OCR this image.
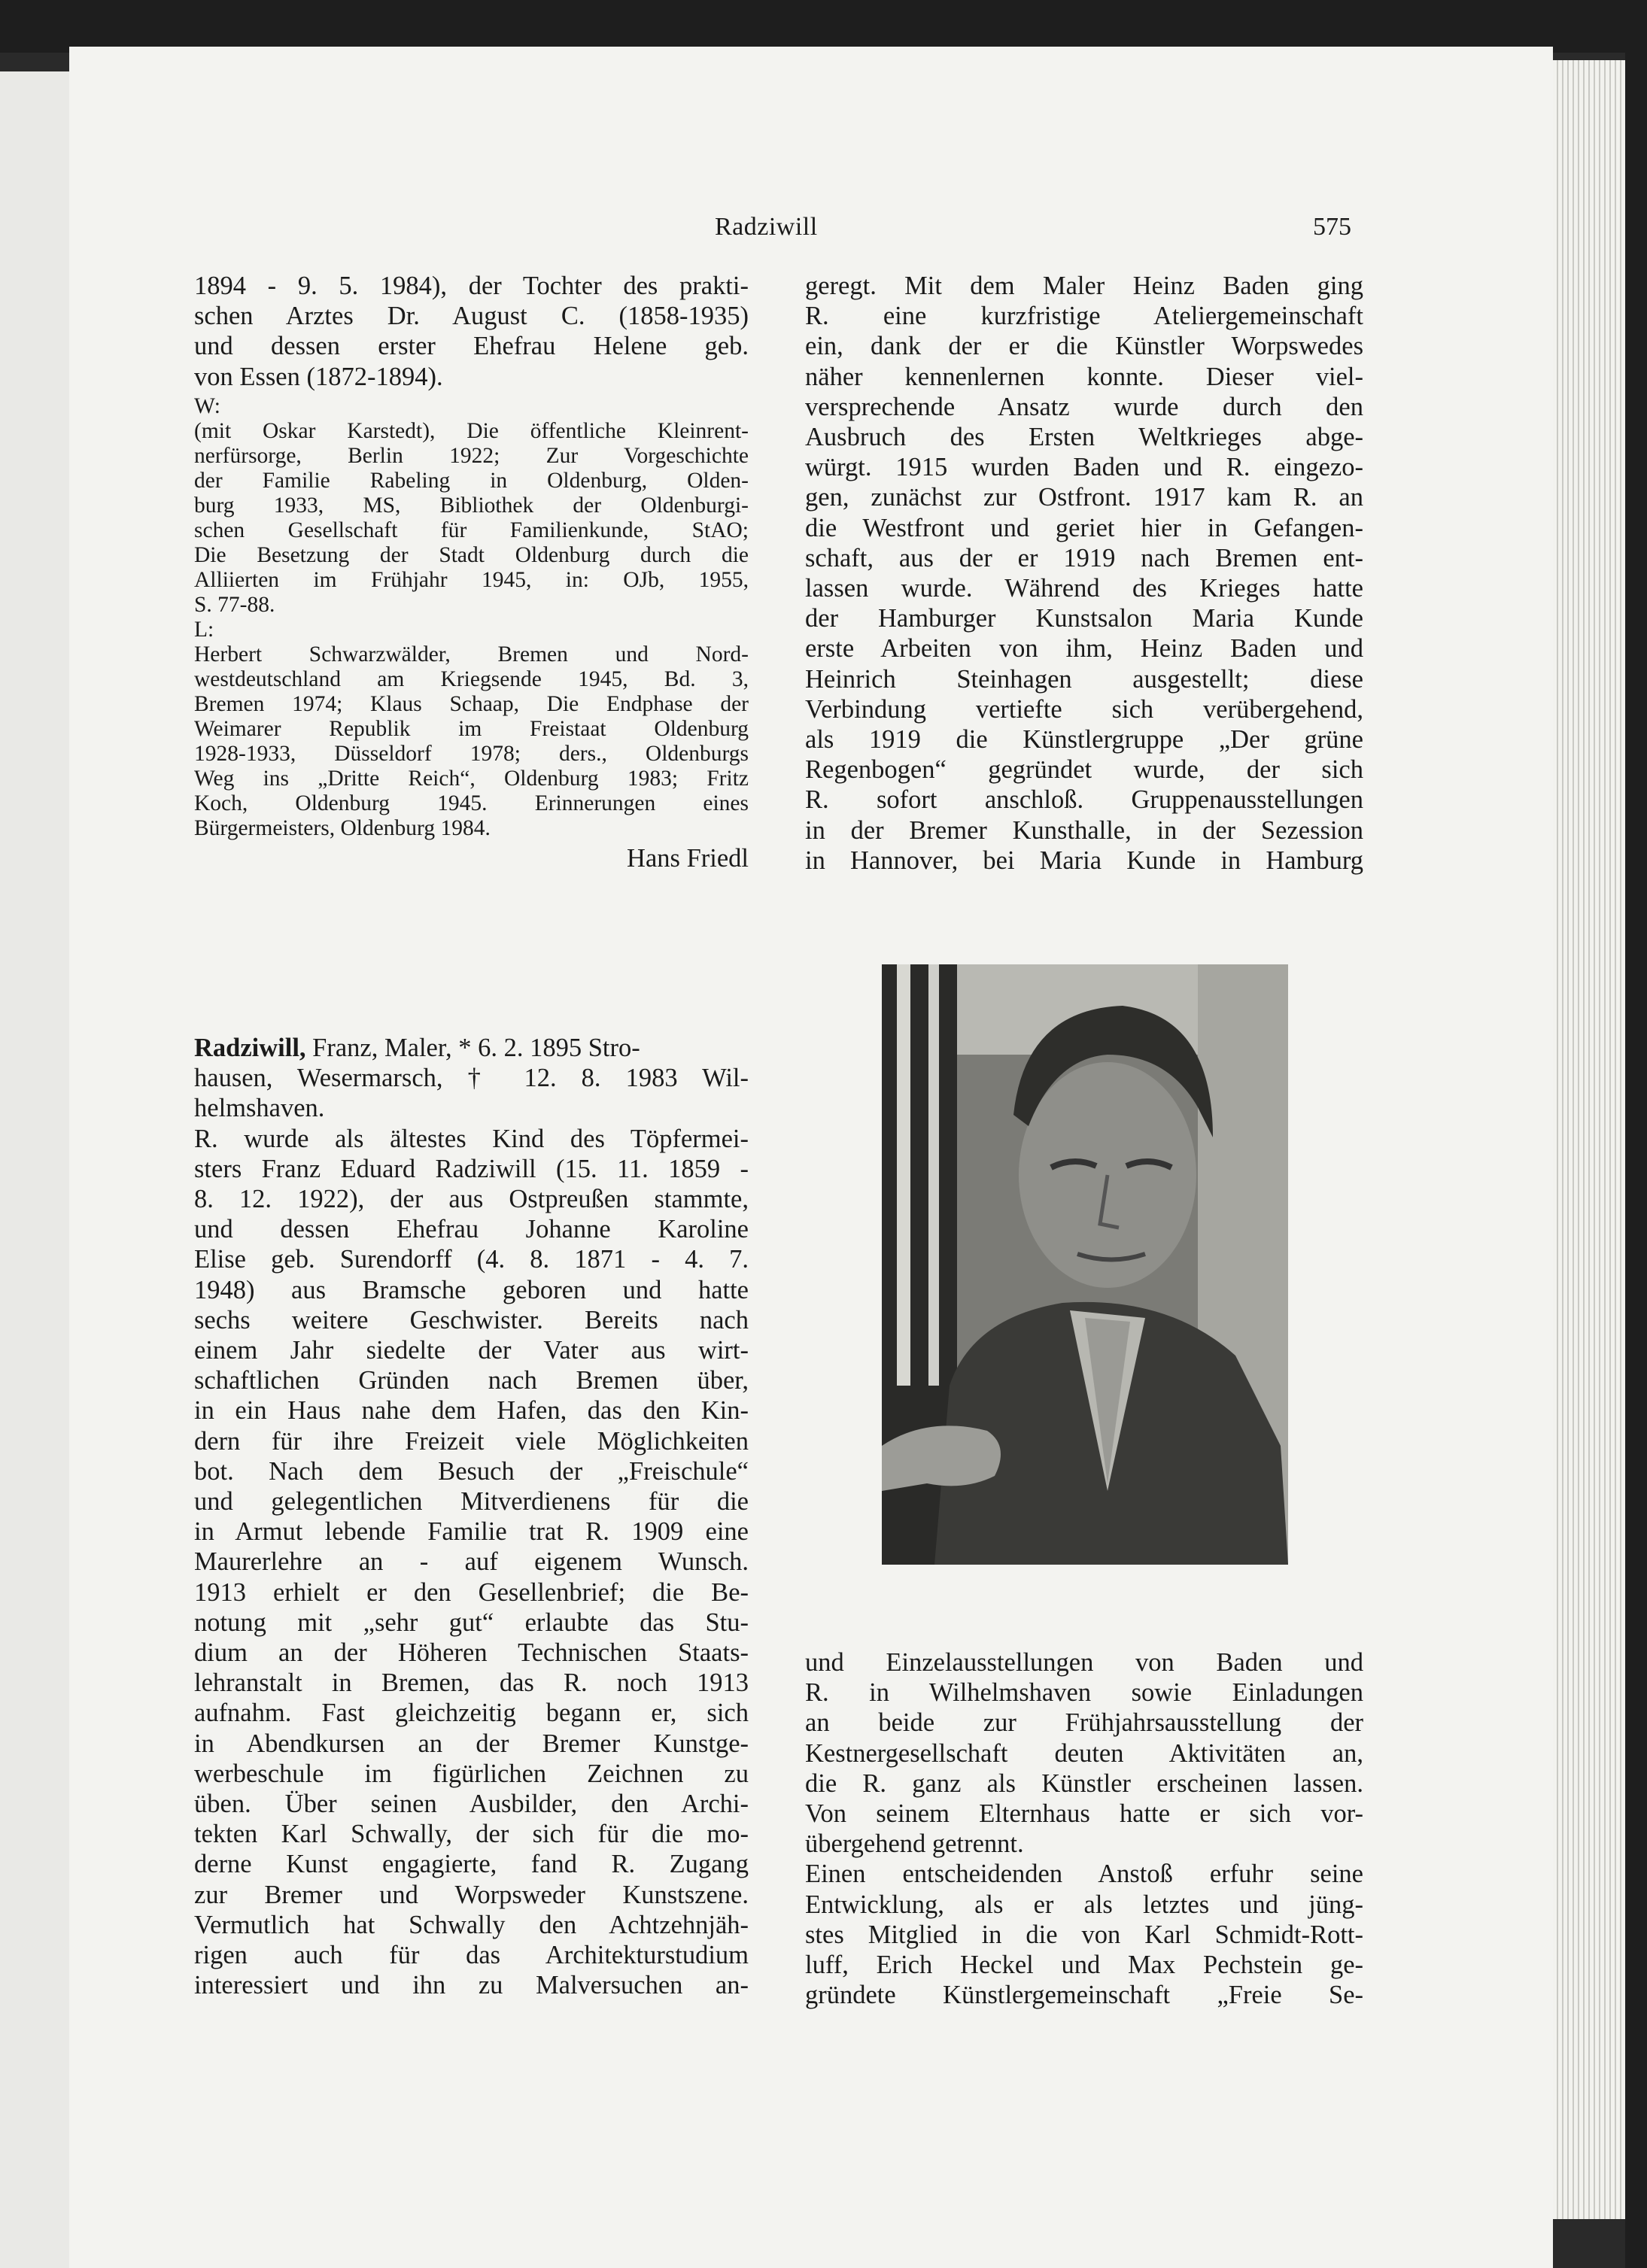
Radziwill	575

1894 - 9. 5. 1984), der Tochter des prakti-

schen Arztes Dr. August C. (1858-1935)

und dessen erster Ehefrau Helene geb.

von Essen (1872-1894).

W:

(mit Oskar Karstedt), Die öffentliche Kleinrent-

nerfürsorge, Berlin 1922; Zur Vorgeschichte

der Familie Rabeling in Oldenburg, Olden-

burg 1933, MS, Bibliothek der Oldenburgi-

schen Gesellschaft für Familienkunde, StAO;

Die Besetzung der Stadt Oldenburg durch die

Alliierten im Frühjahr 1945, in: OJb, 1955,

S. 77-88.

L:

Herbert Schwarzwälder, Bremen und Nord-

westdeutschland am Kriegsende 1945, Bd. 3,

Bremen 1974; Klaus Schaap, Die Endphase der

Weimarer Republik im Freistaat Oldenburg

1928-1933, Düsseldorf 1978; ders., Oldenburgs

Weg ins „Dritte Reich“, Oldenburg 1983; Fritz

Koch, Oldenburg 1945. Erinnerungen eines

Bürgermeisters, Oldenburg 1984.

Hans Friedl

Radziwill, Franz, Maler, * 6. 2. 1895 Stro-

hausen, Wesermarsch, † 12. 8. 1983 Wil-

helmshaven.

R. wurde als ältestes Kind des Töpfermei-

sters Franz Eduard Radziwill (15. 11. 1859 -

8. 12. 1922), der aus Ostpreußen stammte,

und dessen Ehefrau Johanne Karoline

Elise geb. Surendorff (4. 8. 1871 - 4. 7.

1948) aus Bramsche geboren und hatte

sechs weitere Geschwister. Bereits nach

einem Jahr siedelte der Vater aus wirt-

schaftlichen Gründen nach Bremen über,

in ein Haus nahe dem Hafen, das den Kin-

dern für ihre Freizeit viele Möglichkeiten

bot. Nach dem Besuch der „Freischule“

und gelegentlichen Mitverdienens für die

in Armut lebende Familie trat R. 1909 eine

Maurerlehre an - auf eigenem Wunsch.

1913 erhielt er den Gesellenbrief; die Be-

notung mit „sehr gut“ erlaubte das Stu-

dium an der Höheren Technischen Staats-

lehranstalt in Bremen, das R. noch 1913

aufnahm. Fast gleichzeitig begann er, sich

in Abendkursen an der Bremer Kunstge-

werbeschule im figürlichen Zeichnen zu

üben. Über seinen Ausbilder, den Archi-

tekten Karl Schwally, der sich für die mo-

derne Kunst engagierte, fand R. Zugang

zur Bremer und Worpsweder Kunstszene.

Vermutlich hat Schwally den Achtzehnjäh-

rigen auch für das Architekturstudium

interessiert und ihn zu Malversuchen an-

geregt. Mit dem Maler Heinz Baden ging

R. eine kurzfristige Ateliergemeinschaft

ein, dank der er die Künstler Worpswedes

näher kennenlernen konnte. Dieser viel-

versprechende Ansatz wurde durch den

Ausbruch des Ersten Weltkrieges abge-

würgt. 1915 wurden Baden und R. eingezo-

gen, zunächst zur Ostfront. 1917 kam R. an

die Westfront und geriet hier in Gefangen-

schaft, aus der er 1919 nach Bremen ent-

lassen wurde. Während des Krieges hatte

der Hamburger Kunstsalon Maria Kunde

erste Arbeiten von ihm, Heinz Baden und

Heinrich Steinhagen ausgestellt; diese

Verbindung vertiefte sich verübergehend,

als 1919 die Künstlergruppe „Der grüne

Regenbogen“ gegründet wurde, der sich

R. sofort anschloß. Gruppenausstellungen

in der Bremer Kunsthalle, in der Sezession

in Hannover, bei Maria Kunde in Hamburg

und Einzelausstellungen von Baden und

R. in Wilhelmshaven sowie Einladungen

an beide zur Frühjahrsausstellung der

Kestnergesellschaft deuten Aktivitäten an,

die R. ganz als Künstler erscheinen lassen.

Von seinem Elternhaus hatte er sich vor-

übergehend getrennt.

Einen entscheidenden Anstoß erfuhr seine

Entwicklung, als er als letztes und jüng-

stes Mitglied in die von Karl Schmidt-Rott-

luff, Erich Heckel und Max Pechstein ge-

gründete Künstlergemeinschaft „Freie Se-
